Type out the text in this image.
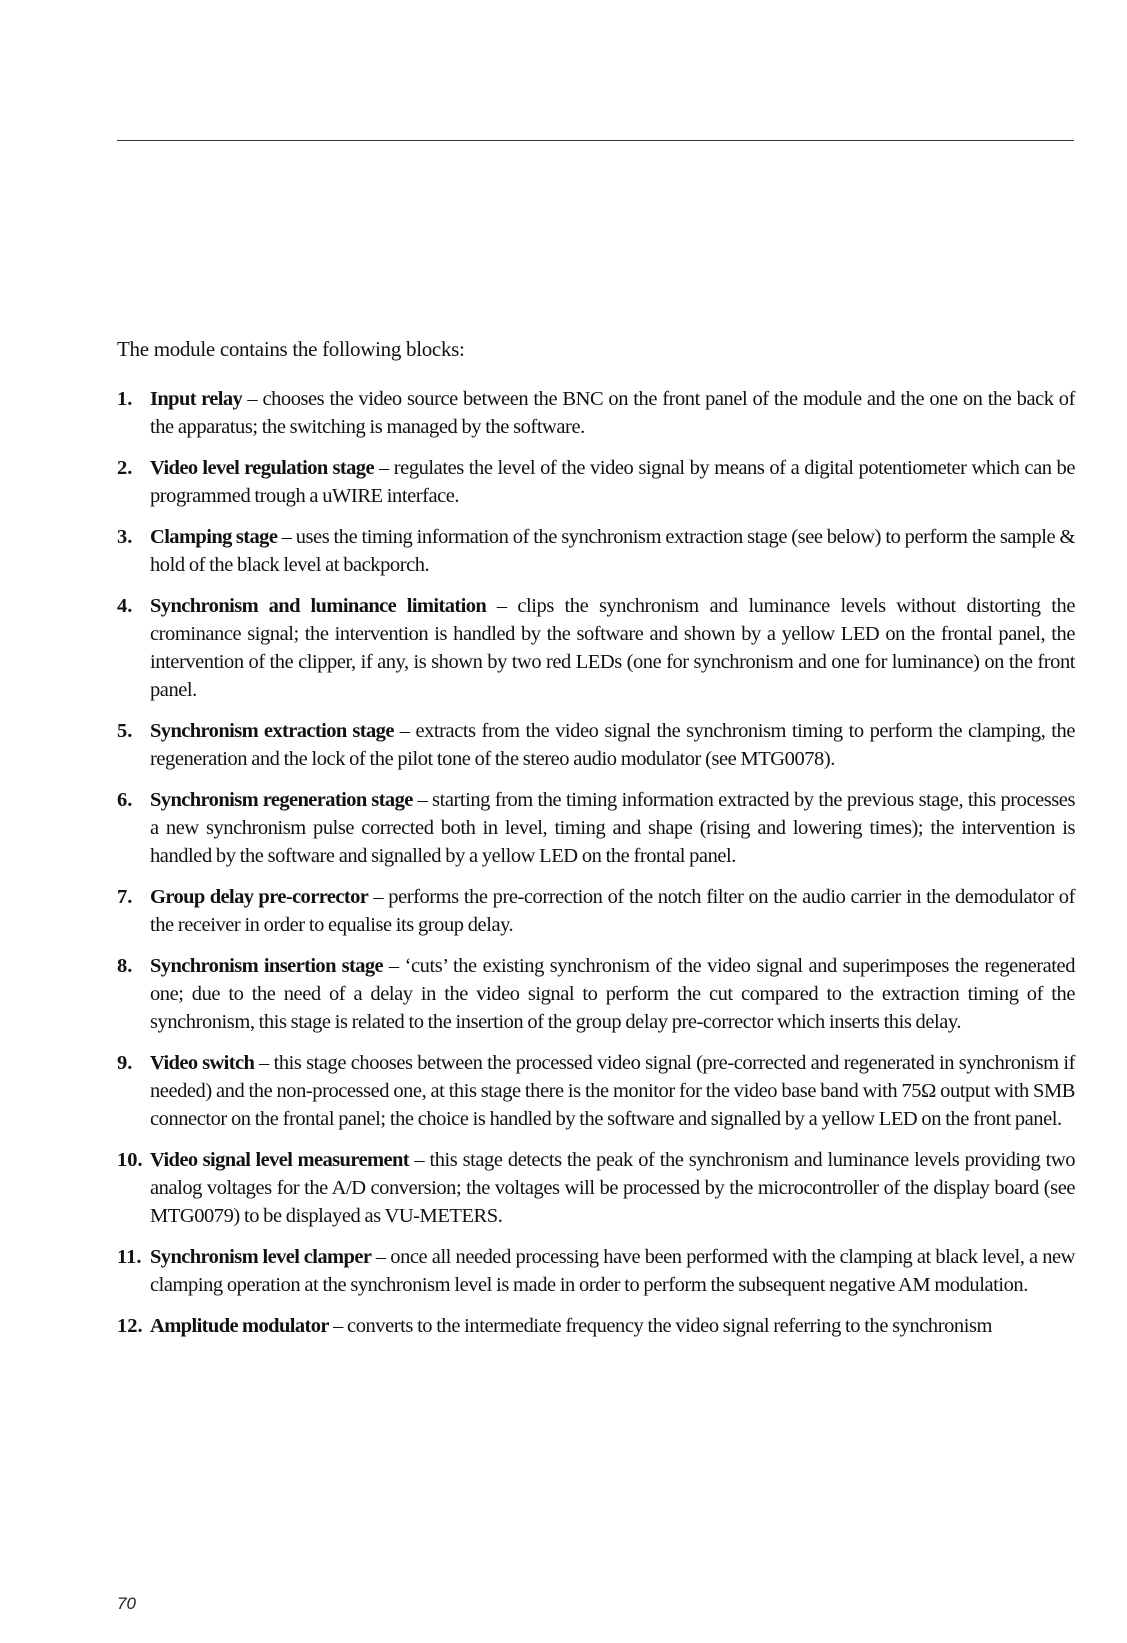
The module contains the following blocks:

1. Input relay – chooses the video source between the BNC on the front panel of the module and the one on the back of the apparatus; the switching is managed by the software.
2. Video level regulation stage – regulates the level of the video signal by means of a digital potentiometer which can be programmed trough a uWIRE interface.
3. Clamping stage – uses the timing information of the synchronism extraction stage (see below) to perform the sample & hold of the black level at backporch.
4. Synchronism and luminance limitation – clips the synchronism and luminance levels without distorting the crominance signal; the intervention is handled by the software and shown by a yellow LED on the frontal panel, the intervention of the clipper, if any, is shown by two red LEDs (one for synchronism and one for luminance) on the front panel.
5. Synchronism extraction stage – extracts from the video signal the synchronism timing to perform the clamping, the regeneration and the lock of the pilot tone of the stereo audio modulator (see MTG0078).
6. Synchronism regeneration stage – starting from the timing information extracted by the previous stage, this processes a new synchronism pulse corrected both in level, timing and shape (rising and lowering times); the intervention is handled by the software and signalled by a yellow LED on the frontal panel.
7. Group delay pre-corrector – performs the pre-correction of the notch filter on the audio carrier in the demodulator of the receiver in order to equalise its group delay.
8. Synchronism insertion stage – ‘cuts’ the existing synchronism of the video signal and superimposes the regenerated one; due to the need of a delay in the video signal to perform the cut compared to the extraction timing of the synchronism, this stage is related to the insertion of the group delay pre-corrector which inserts this delay.
9. Video switch – this stage chooses between the processed video signal (pre-corrected and regenerated in synchronism if needed) and the non-processed one, at this stage there is the monitor for the video base band with 75Ω output with SMB connector on the frontal panel; the choice is handled by the software and signalled by a yellow LED on the front panel.
10. Video signal level measurement – this stage detects the peak of the synchronism and luminance levels providing two analog voltages for the A/D conversion; the voltages will be processed by the microcontroller of the display board (see MTG0079) to be displayed as VU-METERS.
11. Synchronism level clamper – once all needed processing have been performed with the clamping at black level, a new clamping operation at the synchronism level is made in order to perform the subsequent negative AM modulation.
12. Amplitude modulator – converts to the intermediate frequency the video signal referring to the synchronism
70
